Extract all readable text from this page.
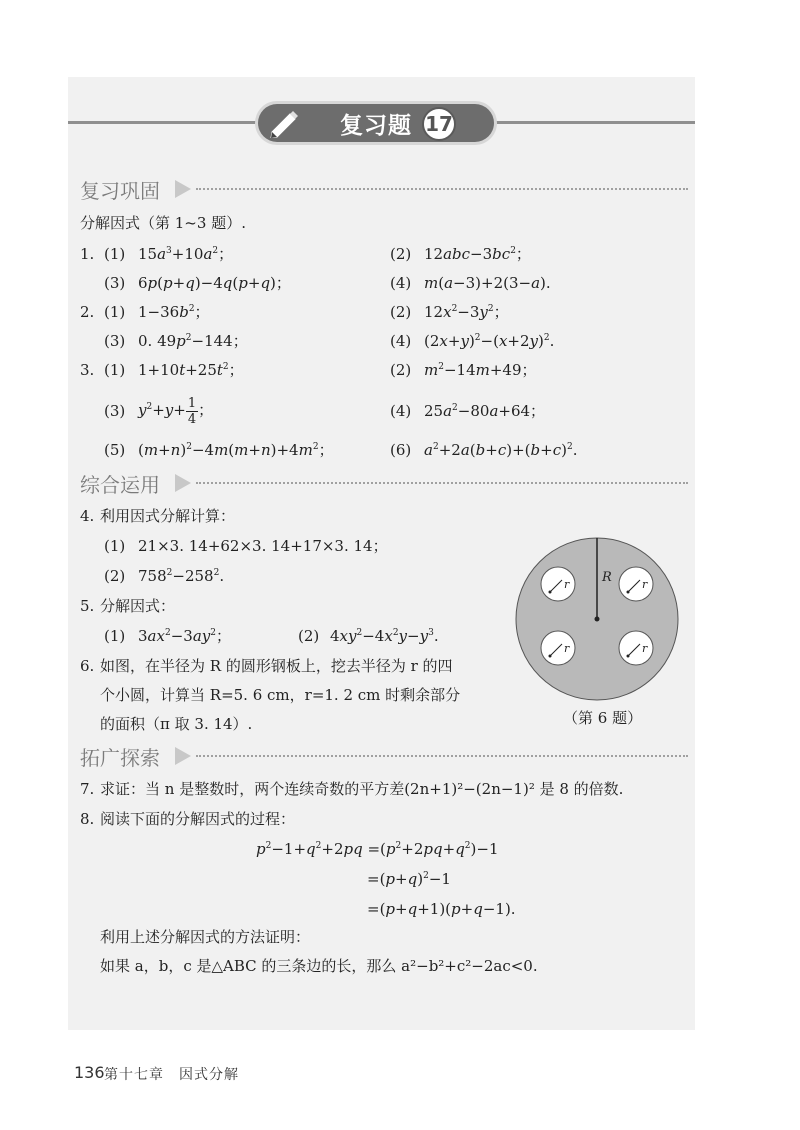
复习题 17
复习巩固
分解因式（第 1~3 题）.
1. (1) $15a^3+10a^2$；	(2) $12abc-3bc^2$；
(3) 6p(p+q)−4q(p+q)；	(4) m(a−3)+2(3−a).
2. (1) $1-36b^2$；	(2) $12x^2-3y^2$；
(3) 0. $49p^2-144$；	(4) $(2x+y)^2-(x+2y)^2$.
3. (1) $1+10t+25t^2$；	(2) $m^2-14m+49$；
(3) $y^2+y+ \frac{1}{4}$ ；	(4) $25a^2-80a+64$；
(5) $(m+n)^2-4m(m+n)+4m^2$；	(6) $a^2+2a(b+c)+(b+c)^2$.
综合运用
4. 利用因式分解计算：
(1) 21×3. 14+62×3. 14+17×3. 14；
(2) $758^2-258^2$.
5. 分解因式：
(1) $3ax^2-3ay^2$；	(2) $4xy^2-4x^2y-y^3$.
6. 如图，在半径为 R 的圆形钢板上，挖去半径为 r 的四
个小圆，计算当 R=5. 6 cm，r=1. 2 cm 时剩余部分
的面积（π 取 3. 14）.
R
r	r
r	r
（第 6 题）
拓广探索
7. 求证：当 n 是整数时，两个连续奇数的平方差(2n+1)²−(2n−1)² 是 8 的倍数.
8. 阅读下面的分解因式的过程：
$p^2-1+q^2+2pq =(p^2+2pq+q^2)-1$
$=(p+q)^2-1$
=(p+q+1)(p+q−1).
利用上述分解因式的方法证明：
如果 a，b，c 是△ABC 的三条边的长，那么 a²−b²+c²−2ac<0.
136 第十七章　因式分解
